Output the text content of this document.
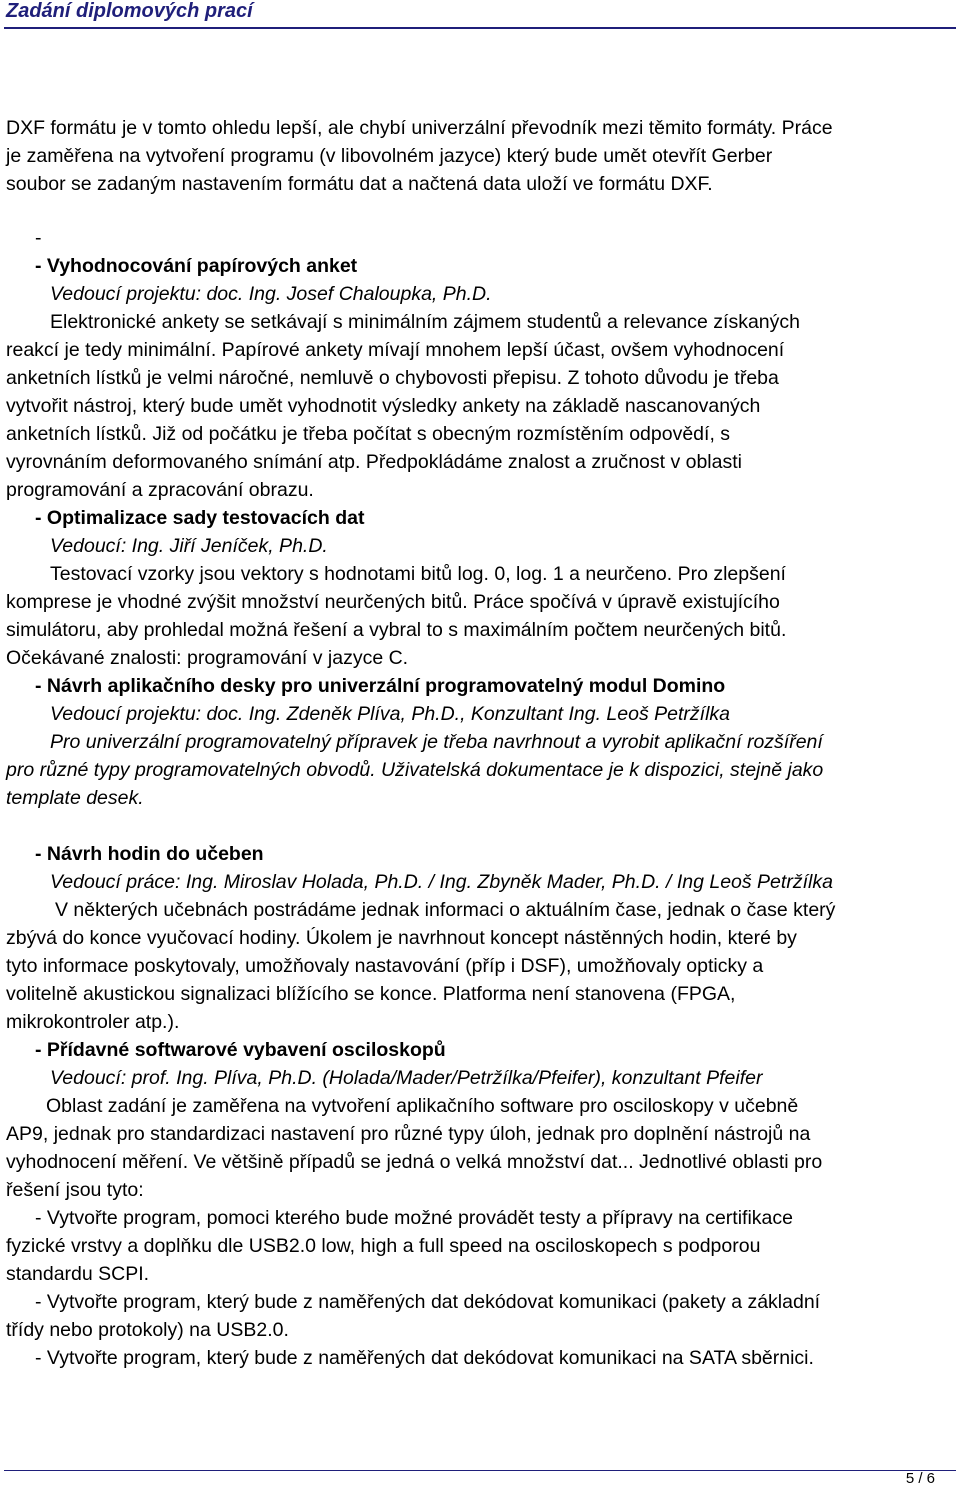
Zadání diplomových prací
DXF formátu je v tomto ohledu lepší, ale chybí univerzální převodník mezi těmito formáty. Práce
je zaměřena na vytvoření programu (v libovolném jazyce) který bude umět otevřít Gerber
soubor se zadaným nastavením formátu dat a načtená data uloží ve formátu DXF.
-
- Vyhodnocování papírových anket
Vedoucí projektu: doc. Ing. Josef Chaloupka, Ph.D.
Elektronické ankety se setkávají s minimálním zájmem studentů a relevance získaných
reakcí je tedy minimální. Papírové ankety mívají mnohem lepší účast, ovšem vyhodnocení
anketních lístků je velmi náročné, nemluvě o chybovosti přepisu. Z tohoto důvodu je třeba
vytvořit nástroj, který bude umět vyhodnotit výsledky ankety na základě nascanovaných
anketních lístků. Již od počátku je třeba počítat s obecným rozmístěním odpovědí, s
vyrovnáním deformovaného snímání atp. Předpokládáme znalost a zručnost v oblasti
programování a zpracování obrazu.
- Optimalizace sady testovacích dat
Vedoucí: Ing. Jiří Jeníček, Ph.D.
Testovací vzorky jsou vektory s hodnotami bitů log. 0, log. 1 a neurčeno. Pro zlepšení
komprese je vhodné zvýšit množství neurčených bitů. Práce spočívá v úpravě existujícího
simulátoru, aby prohledal možná řešení a vybral to s maximálním počtem neurčených bitů.
Očekávané znalosti: programování v jazyce C.
- Návrh aplikačního desky pro univerzální programovatelný modul Domino
Vedoucí projektu: doc. Ing. Zdeněk Plíva, Ph.D., Konzultant Ing. Leoš Petržílka
Pro univerzální programovatelný přípravek je třeba navrhnout a vyrobit aplikační rozšíření
pro různé typy programovatelných obvodů. Uživatelská dokumentace je k dispozici, stejně jako
template desek.
- Návrh hodin do učeben
Vedoucí práce: Ing. Miroslav Holada, Ph.D. / Ing. Zbyněk Mader, Ph.D. / Ing Leoš Petržílka
V některých učebnách postrádáme jednak informaci o aktuálním čase, jednak o čase který
zbývá do konce vyučovací hodiny. Úkolem je navrhnout koncept nástěnných hodin, které by
tyto informace poskytovaly, umožňovaly nastavování (příp i DSF), umožňovaly opticky a
volitelně akustickou signalizaci blížícího se konce. Platforma není stanovena (FPGA,
mikrokontroler atp.).
- Přídavné softwarové vybavení osciloskopů
Vedoucí: prof. Ing. Plíva, Ph.D. (Holada/Mader/Petržílka/Pfeifer), konzultant Pfeifer
Oblast zadání je zaměřena na vytvoření aplikačního software pro osciloskopy v učebně
AP9, jednak pro standardizaci nastavení pro různé typy úloh, jednak pro doplnění nástrojů na
vyhodnocení měření. Ve většině případů se jedná o velká množství dat... Jednotlivé oblasti pro
řešení jsou tyto:
- Vytvořte program, pomoci kterého bude možné provádět testy a přípravy na certifikace
fyzické vrstvy a doplňku dle USB2.0 low, high a full speed na osciloskopech s podporou
standardu SCPI.
- Vytvořte program, který bude z naměřených dat dekódovat komunikaci (pakety a základní
třídy nebo protokoly) na USB2.0.
- Vytvořte program, který bude z naměřených dat dekódovat komunikaci na SATA sběrnici.
5 / 6
